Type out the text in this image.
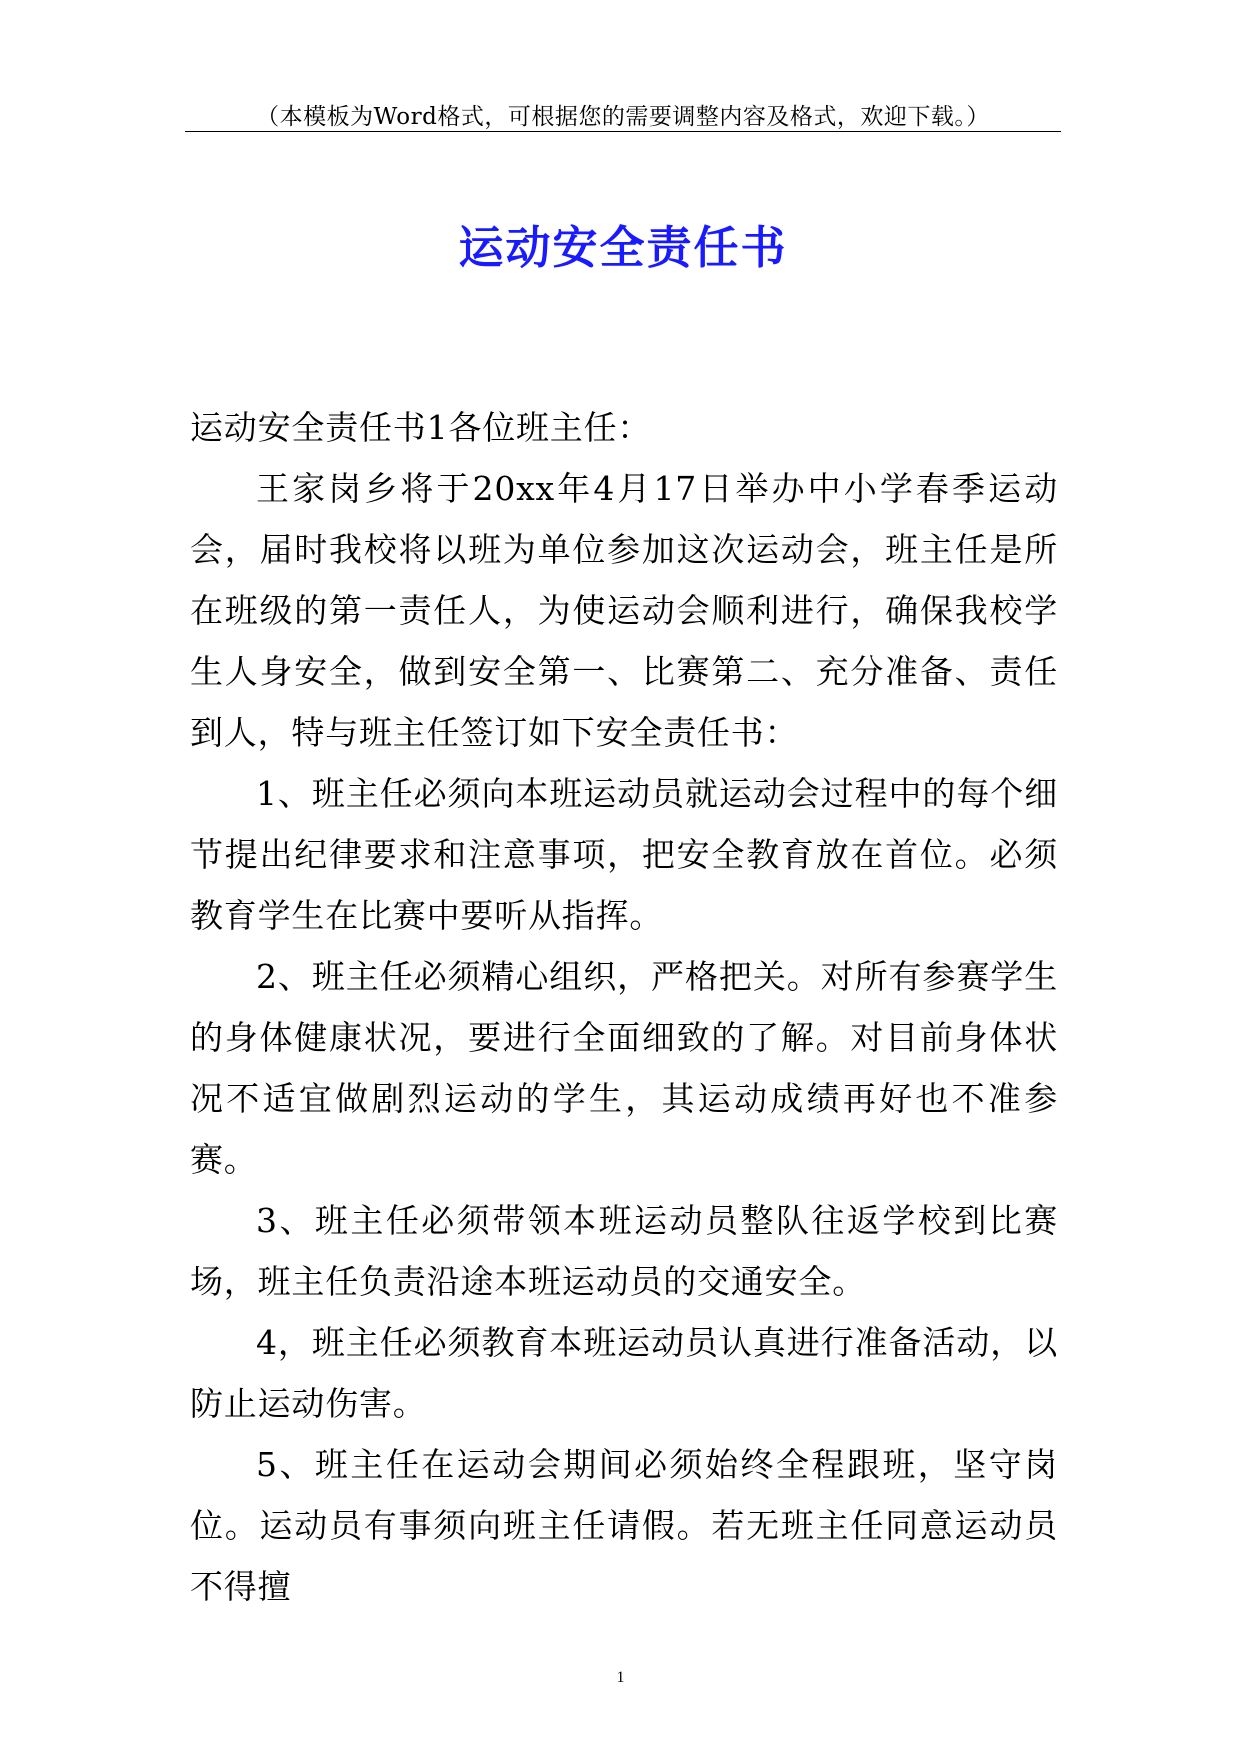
（本模板为Word格式，可根据您的需要调整内容及格式，欢迎下载。）
运动安全责任书

运动安全责任书1各位班主任：

王家岗乡将于20xx年4月17日举办中小学春季运动会，届时我校将以班为单位参加这次运动会，班主任是所在班级的第一责任人，为使运动会顺利进行，确保我校学生人身安全，做到安全第一、比赛第二、充分准备、责任到人，特与班主任签订如下安全责任书：

1、班主任必须向本班运动员就运动会过程中的每个细节提出纪律要求和注意事项，把安全教育放在首位。必须教育学生在比赛中要听从指挥。

2、班主任必须精心组织，严格把关。对所有参赛学生的身体健康状况，要进行全面细致的了解。对目前身体状况不适宜做剧烈运动的学生，其运动成绩再好也不准参赛。

3、班主任必须带领本班运动员整队往返学校到比赛场，班主任负责沿途本班运动员的交通安全。

4，班主任必须教育本班运动员认真进行准备活动，以防止运动伤害。

5、班主任在运动会期间必须始终全程跟班，坚守岗位。运动员有事须向班主任请假。若无班主任同意运动员不得擅

1
